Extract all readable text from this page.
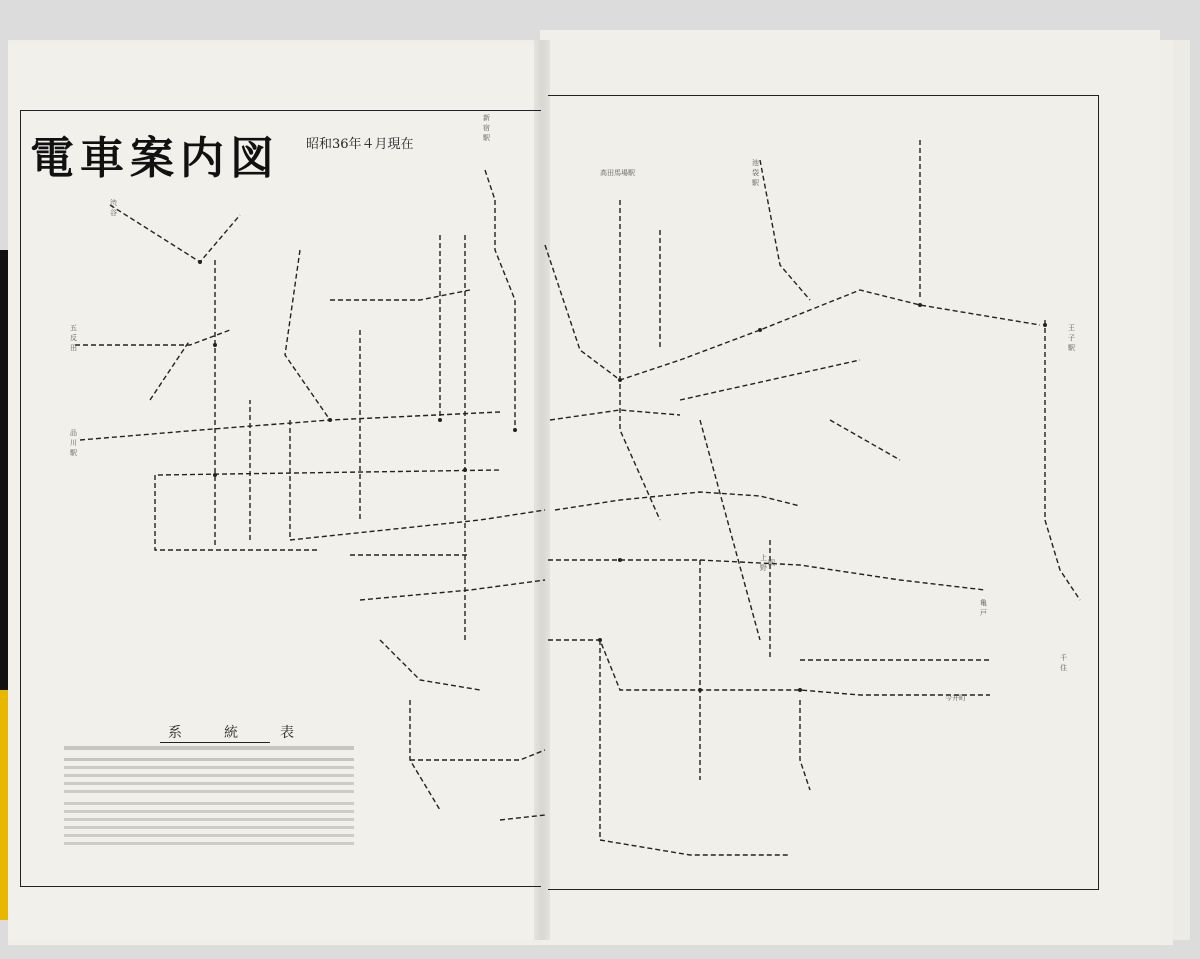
電車案内図 昭和36年４月現在
新
宿
駅
高田馬場駅
池
袋
駅
上
野
駅
王
子
駅
五
反
田
品
川
駅
渋
谷
亀
戸
千
住
今井町
系　統　表
